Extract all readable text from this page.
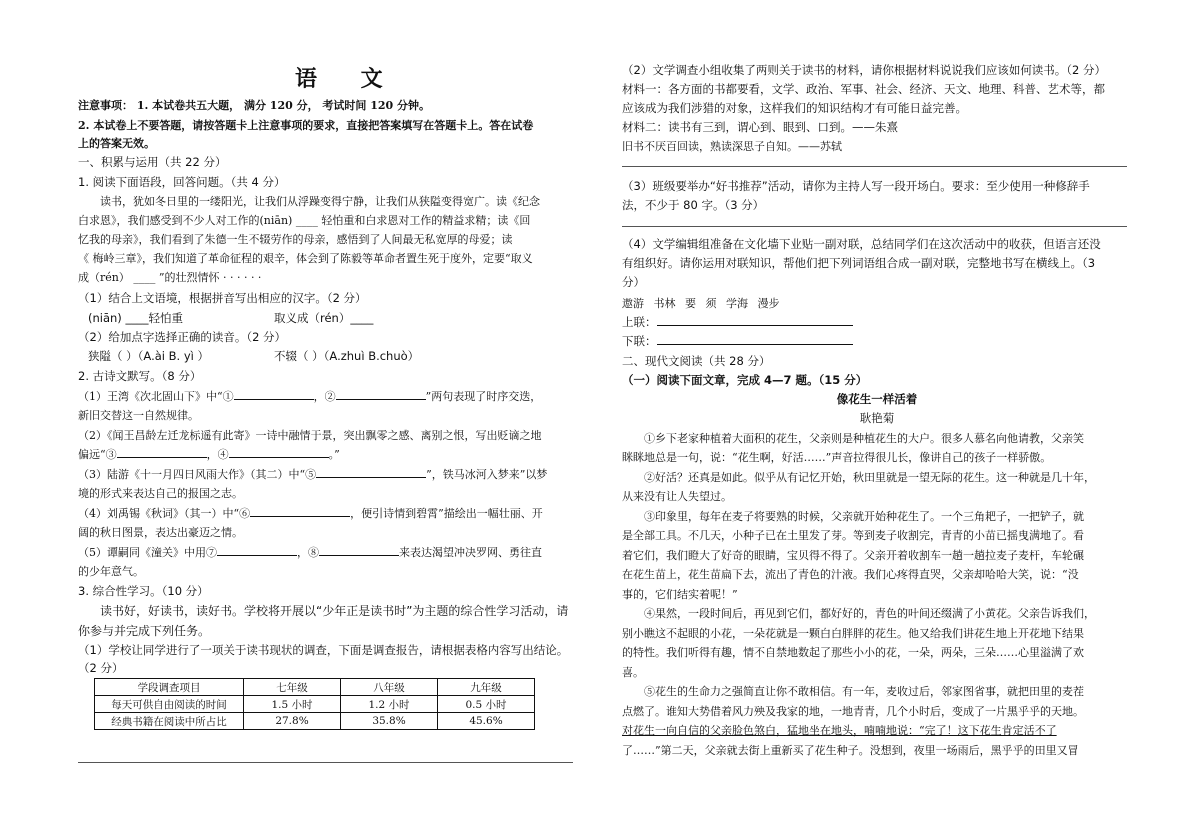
语 文
注意事项： 1. 本试卷共五大题， 满分 120 分， 考试时间 120 分钟。
2. 本试卷上不要答题，请按答题卡上注意事项的要求，直接把答案填写在答题卡上。答在试卷
上的答案无效。
一、积累与运用（共 22 分）
1. 阅读下面语段，回答问题。（共 4 分）
读书，犹如冬日里的一缕阳光，让我们从浮躁变得宁静，让我们从狭隘变得宽广。读《纪念
白求恩》，我们感受到不少人对工作的(niān) ____ 轻怕重和白求恩对工作的精益求精；读《回
忆我的母亲》，我们看到了朱德一生不辍劳作的母亲，感悟到了人间最无私宽厚的母爱；读
《 梅岭三章》，我们知道了革命征程的艰辛，体会到了陈毅等革命者置生死于度外，定要“取义
成（rén） ____ ”的壮烈情怀 · · · · · ·
（1）结合上文语境，根据拼音写出相应的汉字。（2 分）
(niān) ____轻怕重	取义成（rén）____
（2）给加点字选择正确的读音。（2 分）
狭隘（ ）（A.ài B. yì ）	不辍（ ）（A.zhuì B.chuò）
2. 古诗文默写。（8 分）
（1）王湾《次北固山下》中“①	，②	”两句表现了时序交迭，
新旧交替这一自然规律。
（2）《闻王昌龄左迁龙标遥有此寄》一诗中融情于景，突出飘零之感、离别之恨，写出贬谪之地
偏远“③	，④	。”
（3）陆游《十一月四日风雨大作》（其二）中“⑤	”，铁马冰河入梦来”以梦
境的形式来表达自己的报国之志。
（4）刘禹锡《秋词》（其一）中“⑥	，便引诗情到碧霄”描绘出一幅壮丽、开
阔的秋日图景，表达出豪迈之情。
（5）谭嗣同《潼关》中用⑦	，⑧	来表达渴望冲决罗网、勇往直
的少年意气。
3. 综合性学习。（10 分）
读书好，好读书，读好书。学校将开展以“少年正是读书时”为主题的综合性学习活动，请
你参与并完成下列任务。
（1）学校让同学进行了一项关于读书现状的调查，下面是调查报告，请根据表格内容写出结论。
（2 分）
学段调查项目	七年级	八年级	九年级
每天可供自由阅读的时间	1.5 小时	1.2 小时	0.5 小时
经典书籍在阅读中所占比	27.8%	35.8%	45.6%
（2）文学调查小组收集了两则关于读书的材料，请你根据材料说说我们应该如何读书。（2 分）
材料一：各方面的书都要看，文学、政治、军事、社会、经济、天文、地理、科普、艺术等，都
应该成为我们涉猎的对象，这样我们的知识结构才有可能日益完善。
材料二：读书有三到，谓心到、眼到、口到。——朱熹
旧书不厌百回读，熟读深思子自知。——苏轼
（3）班级要举办“好书推荐”活动，请你为主持人写一段开场白。要求：至少使用一种修辞手
法，不少于 80 字。（3 分）
（4）文学编辑组准备在文化墙下业贴一副对联，总结同学们在这次活动中的收获，但语言还没
有组织好。请你运用对联知识，帮他们把下列词语组合成一副对联，完整地书写在横线上。（3
分）
遨游 书林 要 须 学海 漫步
上联：
下联：
二、现代文阅读（共 28 分）
（一）阅读下面文章，完成 4—7 题。（15 分）
像花生一样活着
耿艳菊
①乡下老家种植着大面积的花生，父亲则是种植花生的大户。很多人慕名向他请教，父亲笑
眯眯地总是一句，说：“花生啊，好活……”声音拉得很儿长，像讲自己的孩子一样骄傲。
②好活？还真是如此。似乎从有记忆开始，秋田里就是一望无际的花生。这一种就是几十年，
从来没有让人失望过。
③印象里，每年在麦子将要熟的时候，父亲就开始种花生了。一个三角耙子，一把铲子，就
是全部工具。不几天，小种子已在土里发了芽。等到麦子收割完，青青的小苗已摇曳满地了。看
着它们，我们瞪大了好奇的眼睛，宝贝得不得了。父亲开着收割车一趟一趟拉麦子麦杆，车轮碾
在花生苗上，花生苗扁下去，流出了青色的汁液。我们心疼得直哭，父亲却哈哈大笑，说：“没
事的，它们结实着呢！”
④果然，一段时间后，再见到它们，都好好的，青色的叶间还缀满了小黄花。父亲告诉我们，
别小瞧这不起眼的小花，一朵花就是一颗白白胖胖的花生。他又给我们讲花生地上开花地下结果
的特性。我们听得有趣，情不自禁地数起了那些小小的花，一朵，两朵，三朵……心里溢满了欢
喜。
⑤花生的生命力之强简直让你不敢相信。有一年，麦收过后，邻家图省事，就把田里的麦茬
点燃了。谁知大势借着风力殃及我家的地，一地青青，几个小时后，变成了一片黑乎乎的天地。
对花生一向自信的父亲脸色煞白，猛地坐在地头，喃喃地说：“完了！这下花生肯定活不了
了……”第二天，父亲就去街上重新买了花生种子。没想到，夜里一场雨后，黑乎乎的田里又冒
